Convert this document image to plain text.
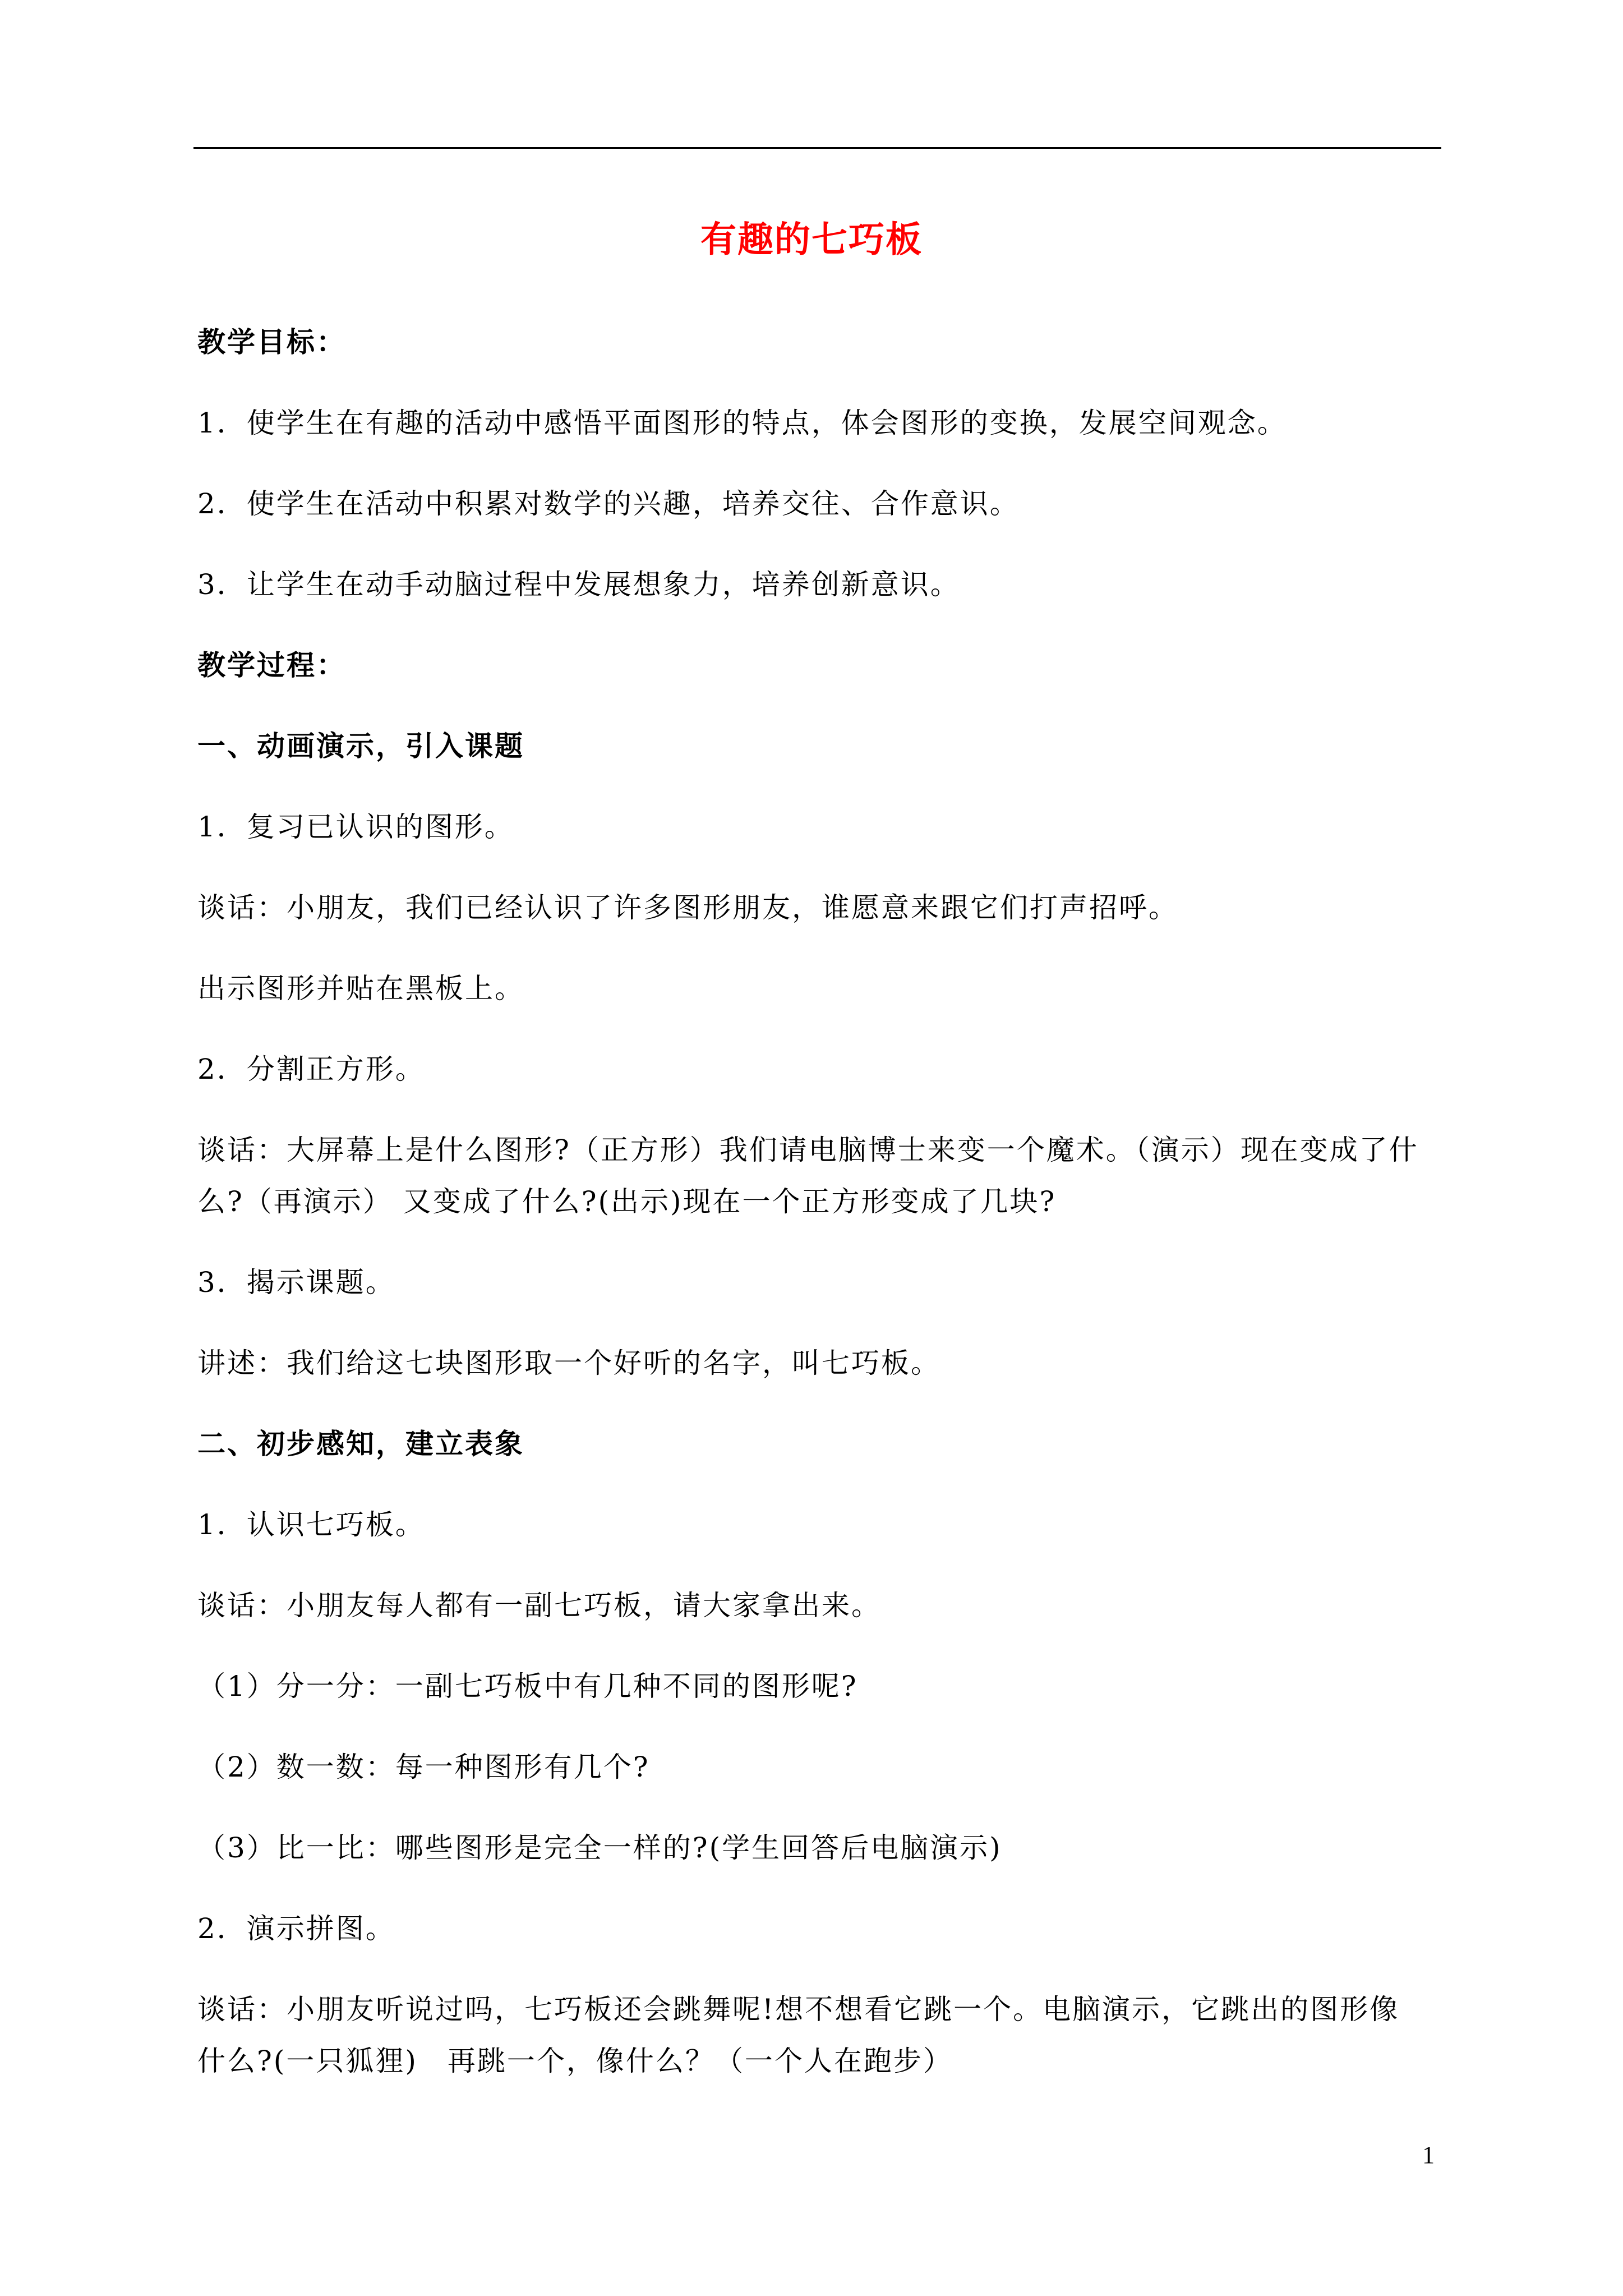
有趣的七巧板
教学目标：
1．使学生在有趣的活动中感悟平面图形的特点，体会图形的变换，发展空间观念。
2．使学生在活动中积累对数学的兴趣，培养交往、合作意识。
3．让学生在动手动脑过程中发展想象力，培养创新意识。
教学过程：
一、动画演示，引入课题
1．复习已认识的图形。
谈话：小朋友，我们已经认识了许多图形朋友，谁愿意来跟它们打声招呼。
出示图形并贴在黑板上。
2．分割正方形。
谈话：大屏幕上是什么图形?（正方形）我们请电脑博士来变一个魔术。（演示）现在变成了什
么?（再演示） 又变成了什么?(出示)现在一个正方形变成了几块?
3．揭示课题。
讲述：我们给这七块图形取一个好听的名字，叫七巧板。
二、初步感知，建立表象
1．认识七巧板。
谈话：小朋友每人都有一副七巧板，请大家拿出来。
（1）分一分：一副七巧板中有几种不同的图形呢?
（2）数一数：每一种图形有几个?
（3）比一比：哪些图形是完全一样的?(学生回答后电脑演示)
2．演示拼图。
谈话：小朋友听说过吗，七巧板还会跳舞呢!想不想看它跳一个。电脑演示，它跳出的图形像
什么?(一只狐狸)　再跳一个，像什么？（一个人在跑步）
1
